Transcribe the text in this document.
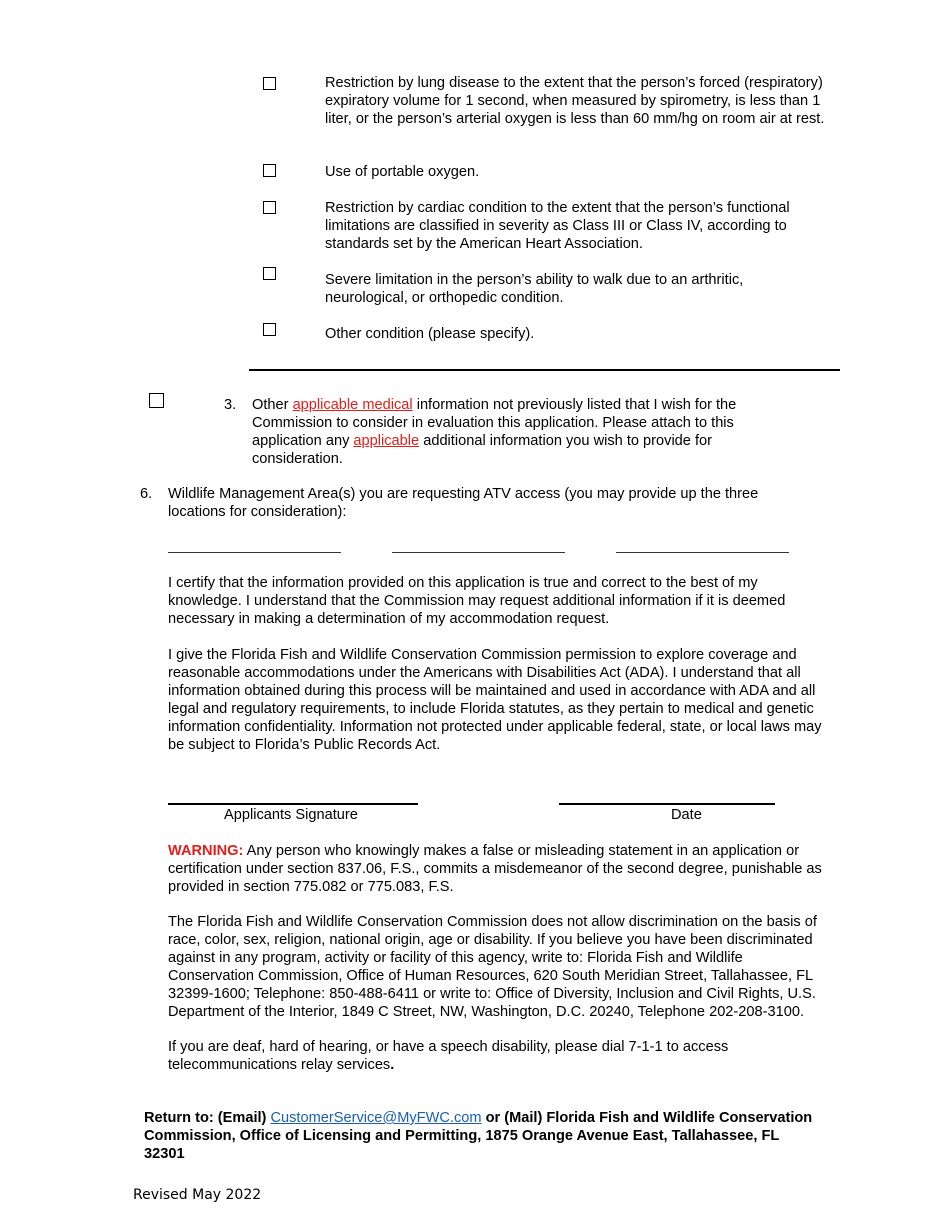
Restriction by lung disease to the extent that the person’s forced (respiratory) expiratory volume for 1 second, when measured by spirometry, is less than 1 liter, or the person’s arterial oxygen is less than 60 mm/hg on room air at rest.
Use of portable oxygen.
Restriction by cardiac condition to the extent that the person’s functional limitations are classified in severity as Class III or Class IV, according to standards set by the American Heart Association.
Severe limitation in the person’s ability to walk due to an arthritic, neurological, or orthopedic condition.
Other condition (please specify).
3. Other applicable medical information not previously listed that I wish for the Commission to consider in evaluation this application. Please attach to this application any applicable additional information you wish to provide for consideration.
6. Wildlife Management Area(s) you are requesting ATV access (you may provide up the three locations for consideration):
I certify that the information provided on this application is true and correct to the best of my knowledge. I understand that the Commission may request additional information if it is deemed necessary in making a determination of my accommodation request.
I give the Florida Fish and Wildlife Conservation Commission permission to explore coverage and reasonable accommodations under the Americans with Disabilities Act (ADA). I understand that all information obtained during this process will be maintained and used in accordance with ADA and all legal and regulatory requirements, to include Florida statutes, as they pertain to medical and genetic information confidentiality. Information not protected under applicable federal, state, or local laws may be subject to Florida’s Public Records Act.
Applicants Signature	Date
WARNING: Any person who knowingly makes a false or misleading statement in an application or certification under section 837.06, F.S., commits a misdemeanor of the second degree, punishable as provided in section 775.082 or 775.083, F.S.
The Florida Fish and Wildlife Conservation Commission does not allow discrimination on the basis of race, color, sex, religion, national origin, age or disability. If you believe you have been discriminated against in any program, activity or facility of this agency, write to: Florida Fish and Wildlife Conservation Commission, Office of Human Resources, 620 South Meridian Street, Tallahassee, FL 32399-1600; Telephone: 850-488-6411 or write to: Office of Diversity, Inclusion and Civil Rights, U.S. Department of the Interior, 1849 C Street, NW, Washington, D.C. 20240, Telephone 202-208-3100.
If you are deaf, hard of hearing, or have a speech disability, please dial 7-1-1 to access telecommunications relay services.
Return to: (Email) CustomerService@MyFWC.com or (Mail) Florida Fish and Wildlife Conservation Commission, Office of Licensing and Permitting, 1875 Orange Avenue East, Tallahassee, FL 32301
Revised May 2022
